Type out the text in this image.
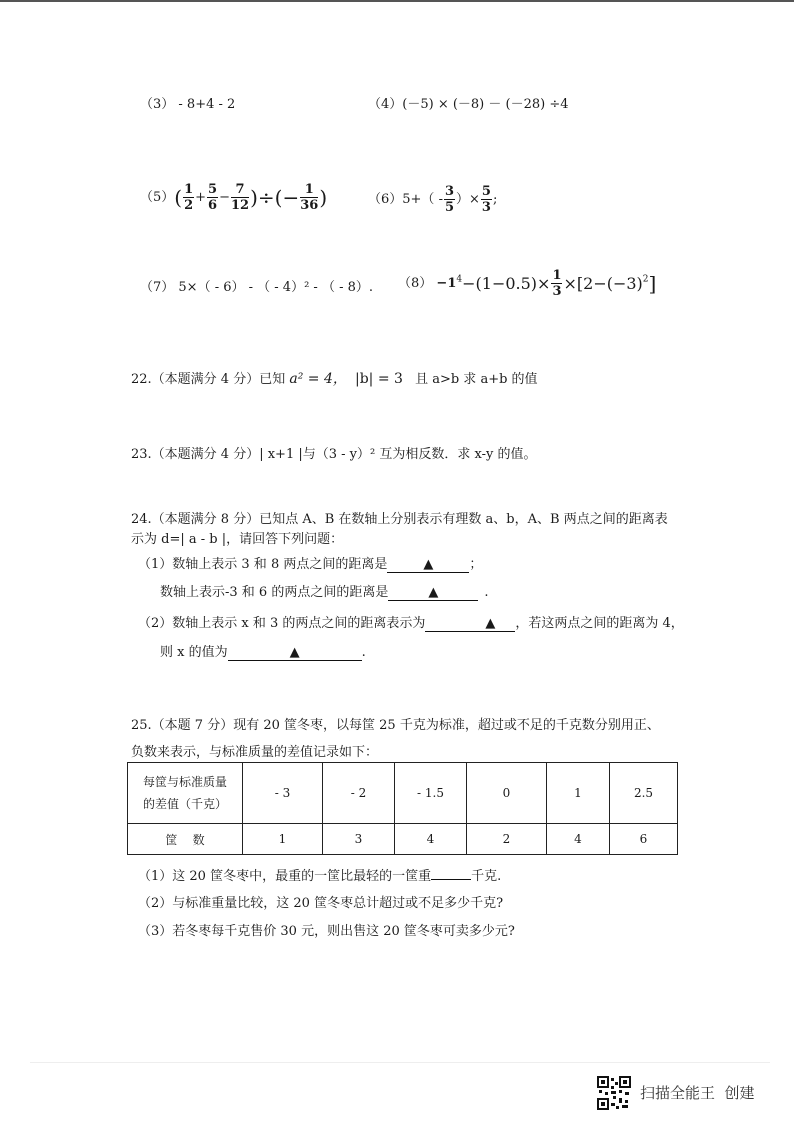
（3） - 8+4 - 2	（4）(－5) × (－8) － (－28) ÷4
$(5)( \frac{1}{2} + \frac{5}{6} - \frac{7}{12}$ )÷(− $\frac{1}{36}$ )	$(6)5+( - \frac{3}{5}$ ）× $\frac{5}{3}$ ;
（7） 5×（ - 6） - （ - 4）² - （ - 8）. $(8) -1^4-(1-0.5)\times \frac{1}{3} \times[2-(-3)^2]$
22.（本题满分 4 分）已知 a² = 4， |b| = 3 且 a>b 求 a+b 的值
23.（本题满分 4 分）| x+1 |与（3 - y）² 互为相反数．求 x-y 的值。
24.（本题满分 8 分）已知点 A、B 在数轴上分别表示有理数 a、b，A、B 两点之间的距离表
示为 d=| a - b |，请回答下列问题：
（1）数轴上表示 3 和 8 两点之间的距离是	▲	；
数轴上表示-3 和 6 的两点之间的距离是	▲	.
（2）数轴上表示 x 和 3 的两点之间的距离表示为	▲ ，若这两点之间的距离为 4，
则 x 的值为	▲	.
25.（本题 7 分）现有 20 筐冬枣，以每筐 25 千克为标准，超过或不足的千克数分别用正、
负数来表示，与标准质量的差值记录如下：
每筐与标准质量
的差值（千克）	- 3	- 2	- 1.5	0	1	2.5
筐    数	1	3	4	2	4	6
（1）这 20 筐冬枣中，最重的一筐比最轻的一筐重	千克.
（2）与标准重量比较，这 20 筐冬枣总计超过或不足多少千克?
（3）若冬枣每千克售价 30 元，则出售这 20 筐冬枣可卖多少元?
扫描全能王  创建
